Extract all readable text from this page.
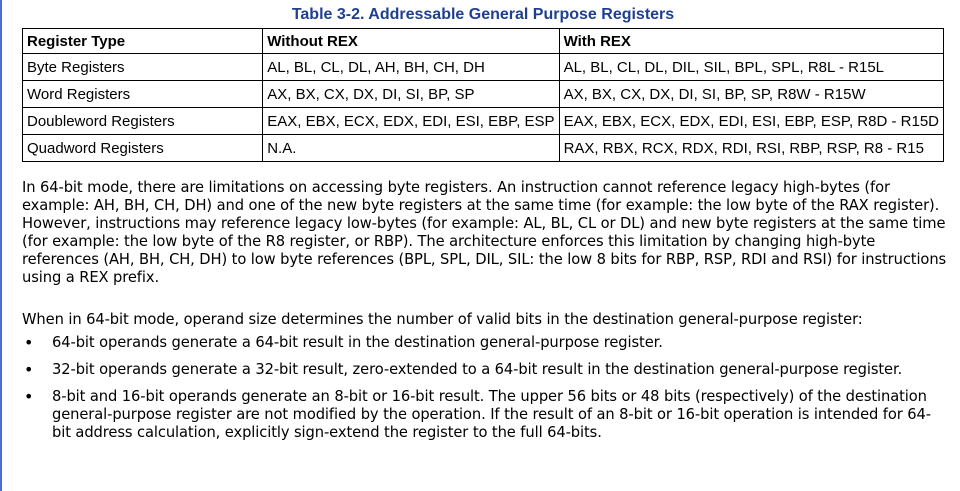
Table 3-2. Addressable General Purpose Registers
Register Type	Without REX	With REX
Byte Registers	AL, BL, CL, DL, AH, BH, CH, DH	AL, BL, CL, DL, DIL, SIL, BPL, SPL, R8L - R15L
Word Registers	AX, BX, CX, DX, DI, SI, BP, SP	AX, BX, CX, DX, DI, SI, BP, SP, R8W - R15W
Doubleword Registers	EAX, EBX, ECX, EDX, EDI, ESI, EBP, ESP	EAX, EBX, ECX, EDX, EDI, ESI, EBP, ESP, R8D - R15D
Quadword Registers	N.A.	RAX, RBX, RCX, RDX, RDI, RSI, RBP, RSP, R8 - R15

In 64-bit mode, there are limitations on accessing byte registers. An instruction cannot reference legacy high-bytes (for example: AH, BH, CH, DH) and one of the new byte registers at the same time (for example: the low byte of the RAX register). However, instructions may reference legacy low-bytes (for example: AL, BL, CL or DL) and new byte registers at the same time (for example: the low byte of the R8 register, or RBP). The architecture enforces this limitation by changing high-byte references (AH, BH, CH, DH) to low byte references (BPL, SPL, DIL, SIL: the low 8 bits for RBP, RSP, RDI and RSI) for instructions using a REX prefix.

When in 64-bit mode, operand size determines the number of valid bits in the destination general-purpose register:

• 64-bit operands generate a 64-bit result in the destination general-purpose register.
• 32-bit operands generate a 32-bit result, zero-extended to a 64-bit result in the destination general-purpose register.
• 8-bit and 16-bit operands generate an 8-bit or 16-bit result. The upper 56 bits or 48 bits (respectively) of the destination general-purpose register are not modified by the operation. If the result of an 8-bit or 16-bit operation is intended for 64-bit address calculation, explicitly sign-extend the register to the full 64-bits.
